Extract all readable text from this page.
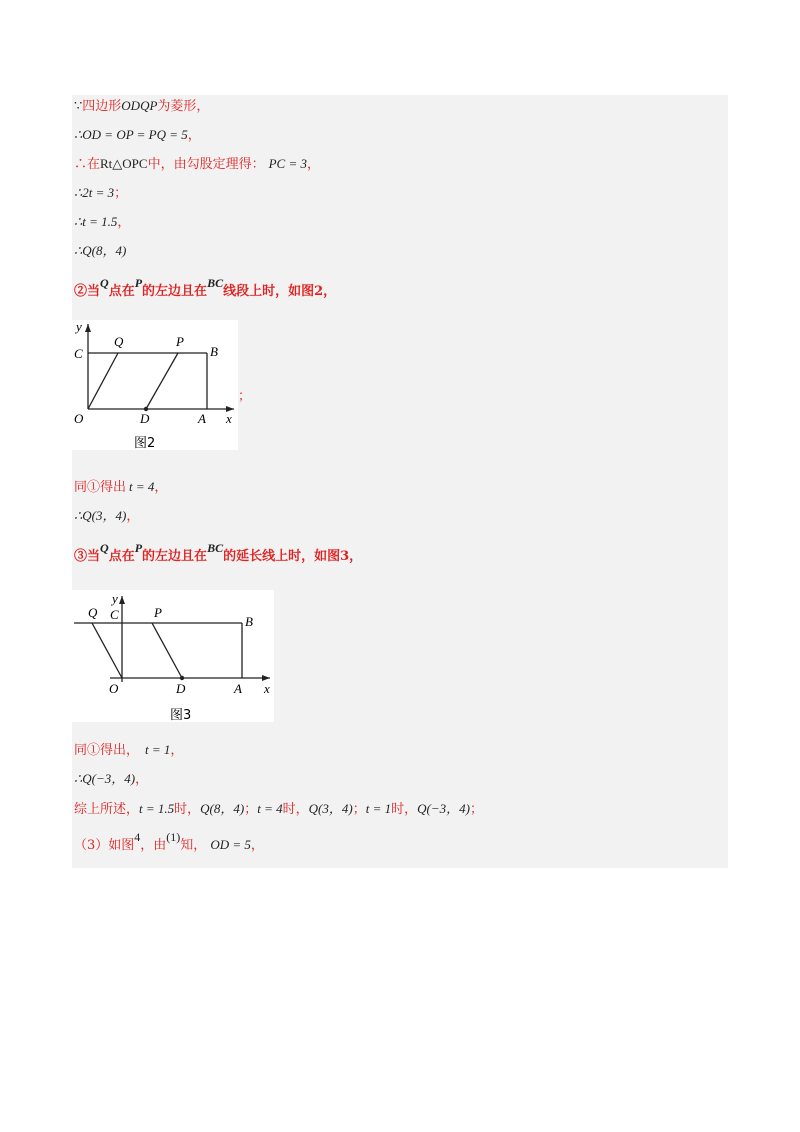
∵四边形ODQP为菱形，
∴OD = OP = PQ = 5，
∴在Rt△OPC中，由勾股定理得： PC = 3，
∴2t = 3；
∴t = 1.5，
∴Q(8，4)
②当Q点在P的左边且在BC线段上时，如图2，
y
C
Q	P
B
O	D	A x
图2
；
同①得出 t = 4，
∴Q(3，4)，
③当Q点在P的左边且在BC的延长线上时，如图3，
y
Q C	P
B
O	D	A x
图3
同①得出， t = 1，
∴Q(−3，4)，
综上所述，t = 1.5时，Q(8，4)；t = 4时，Q(3，4)；t = 1时，Q(−3，4)；
（3）如图4，由(1)知， OD = 5，
